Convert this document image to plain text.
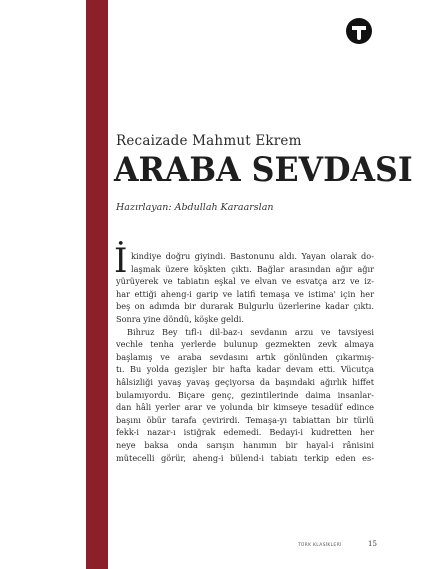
Recaizade Mahmut Ekrem
ARABA SEVDASI
Hazırlayan: Abdullah Karaarslan
İ kindiye doğru giyindi. Bastonunu aldı. Yayan olarak do-
laşmak üzere köşkten çıktı. Bağlar arasından ağır ağır
yürüyerek ve tabiatın eşkal ve elvan ve esvatça arz ve iz-
har ettiği aheng-i garip ve latifi temaşa ve istima' için her
beş on adımda bir durarak Bulgurlu üzerlerine kadar çıktı.
Sonra yine döndü, köşke geldi.
Bihruz Bey tıfl-ı dil-baz-ı sevdanın arzu ve tavsiyesi
vechle tenha yerlerde bulunup gezmekten zevk almaya
başlamış ve araba sevdasını artık gönlünden çıkarmış-
tı. Bu yolda gezişler bir hafta kadar devam etti. Vücutça
hâlsizliği yavaş yavaş geçiyorsa da başındaki ağırlık hiffet
bulamıyordu. Biçare genç, gezintilerinde daima insanlar-
dan hâli yerler arar ve yolunda bir kimseye tesadüf edince
başını öbür tarafa çevirirdi. Temaşa-yı tabiattan bir türlü
fekk-i nazar-ı istiğrak edemedi. Bedayi-i kudretten her
neye baksa onda sarışın hanımın bir hayal-i rânisini
mütecelli görür, aheng-i bülend-i tabiatı terkip eden es-
TÜRK KLASİKLERİ	15
